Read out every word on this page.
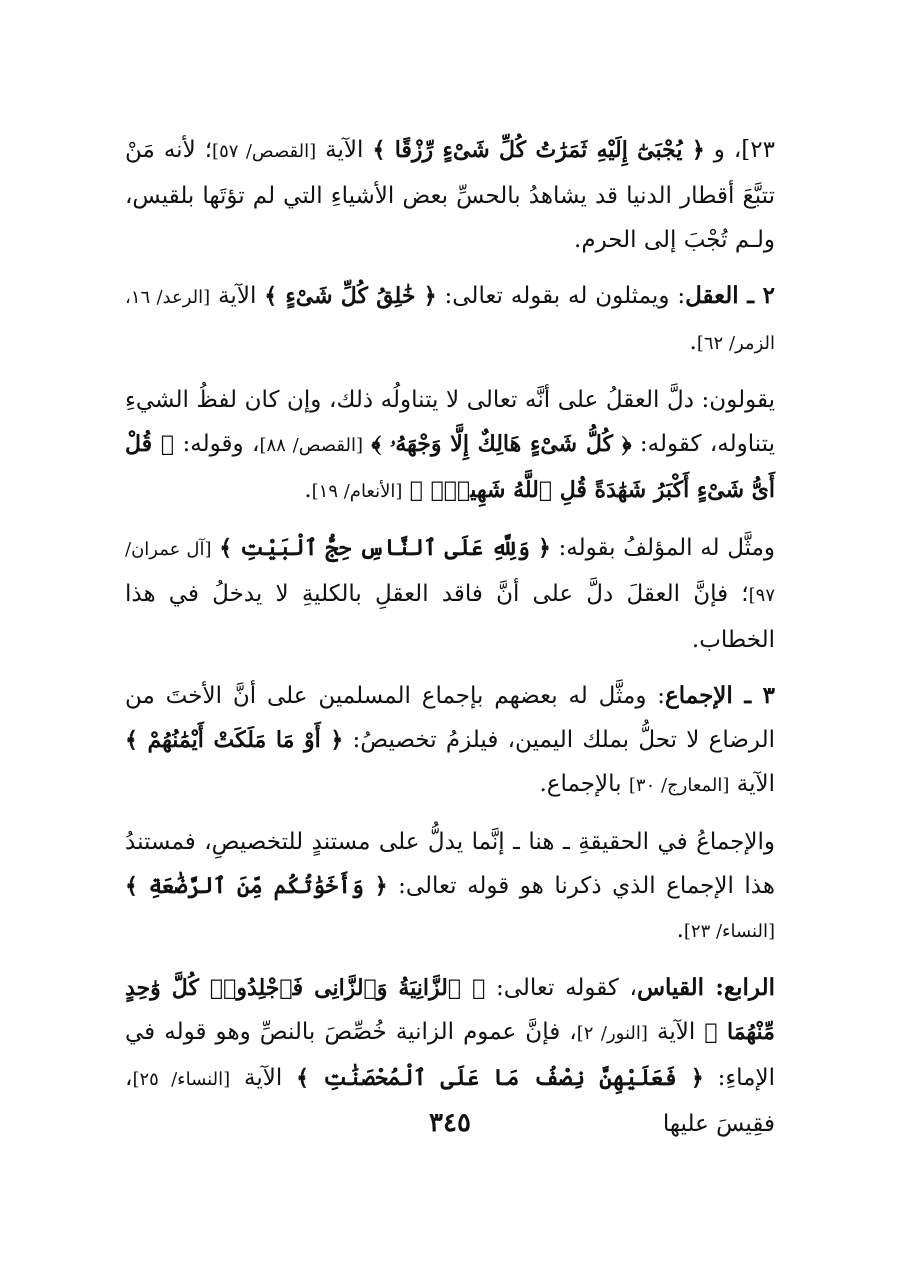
٢٣]، و ﴿ يُجْبَىٰٓ إِلَيْهِ ثَمَرَٰتُ كُلِّ شَىْءٍ رِّزْقًا ﴾ الآية [القصص/ ٥٧]؛ لأنه مَنْ تتبَّعَ أقطار الدنيا قد يشاهدُ بالحسِّ بعض الأشياءِ التي لم تؤتَها بلقيس، ولـم تُجْبَ إلى الحرم.

٢ ـ العقل: ويمثلون له بقوله تعالى: ﴿ خَٰلِقُ كُلِّ شَىْءٍ ﴾ الآية [الرعد/ ١٦، الزمر/ ٦٢].

يقولون: دلَّ العقلُ على أنَّه تعالى لا يتناولُه ذلك، وإن كان لفظُ الشيءِ يتناوله، كقوله: ﴿ كُلُّ شَىْءٍ هَالِكٌ إِلَّا وَجْهَهُۥ ﴾ [القصص/ ٨٨]، وقوله: ﴿ قُلْ أَىُّ شَىْءٍ أَكْبَرُ شَهَٰدَةً قُلِ ٱللَّهُ شَهِيدٌۢ ﴾ [الأنعام/ ١٩].

ومثَّل له المؤلفُ بقوله: ﴿ وَلِلَّهِ عَلَى ٱلنَّاسِ حِجُّ ٱلْبَيْتِ ﴾ [آل عمران/ ٩٧]؛ فإنَّ العقلَ دلَّ على أنَّ فاقد العقلِ بالكليةِ لا يدخلُ في هذا الخطاب.

٣ ـ الإجماع: ومثَّل له بعضهم بإجماع المسلمين على أنَّ الأختَ من الرضاع لا تحلُّ بملك اليمين، فيلزمُ تخصيصُ: ﴿ أَوْ مَا مَلَكَتْ أَيْمَٰنُهُمْ ﴾ الآية [المعارج/ ٣٠] بالإجماع.

والإجماعُ في الحقيقةِ ـ هنا ـ إنَّما يدلُّ على مستندٍ للتخصيصِ، فمستندُ هذا الإجماع الذي ذكرنا هو قوله تعالى: ﴿ وَأَخَوَٰتُكُم مِّنَ ٱلرَّضَٰعَةِ ﴾ [النساء/ ٢٣].

الرابع: القياس، كقوله تعالى: ﴿ ٱلزَّانِيَةُ وَٱلزَّانِى فَٱجْلِدُوا۟ كُلَّ وَٰحِدٍ مِّنْهُمَا ﴾ الآية [النور/ ٢]، فإنَّ عموم الزانية خُصِّصَ بالنصِّ وهو قوله في الإماءِ: ﴿ فَعَلَيْهِنَّ نِصْفُ مَا عَلَى ٱلْمُحْصَنَٰتِ ﴾ الآية [النساء/ ٢٥]، فقِيسَ عليها

٣٤٥
